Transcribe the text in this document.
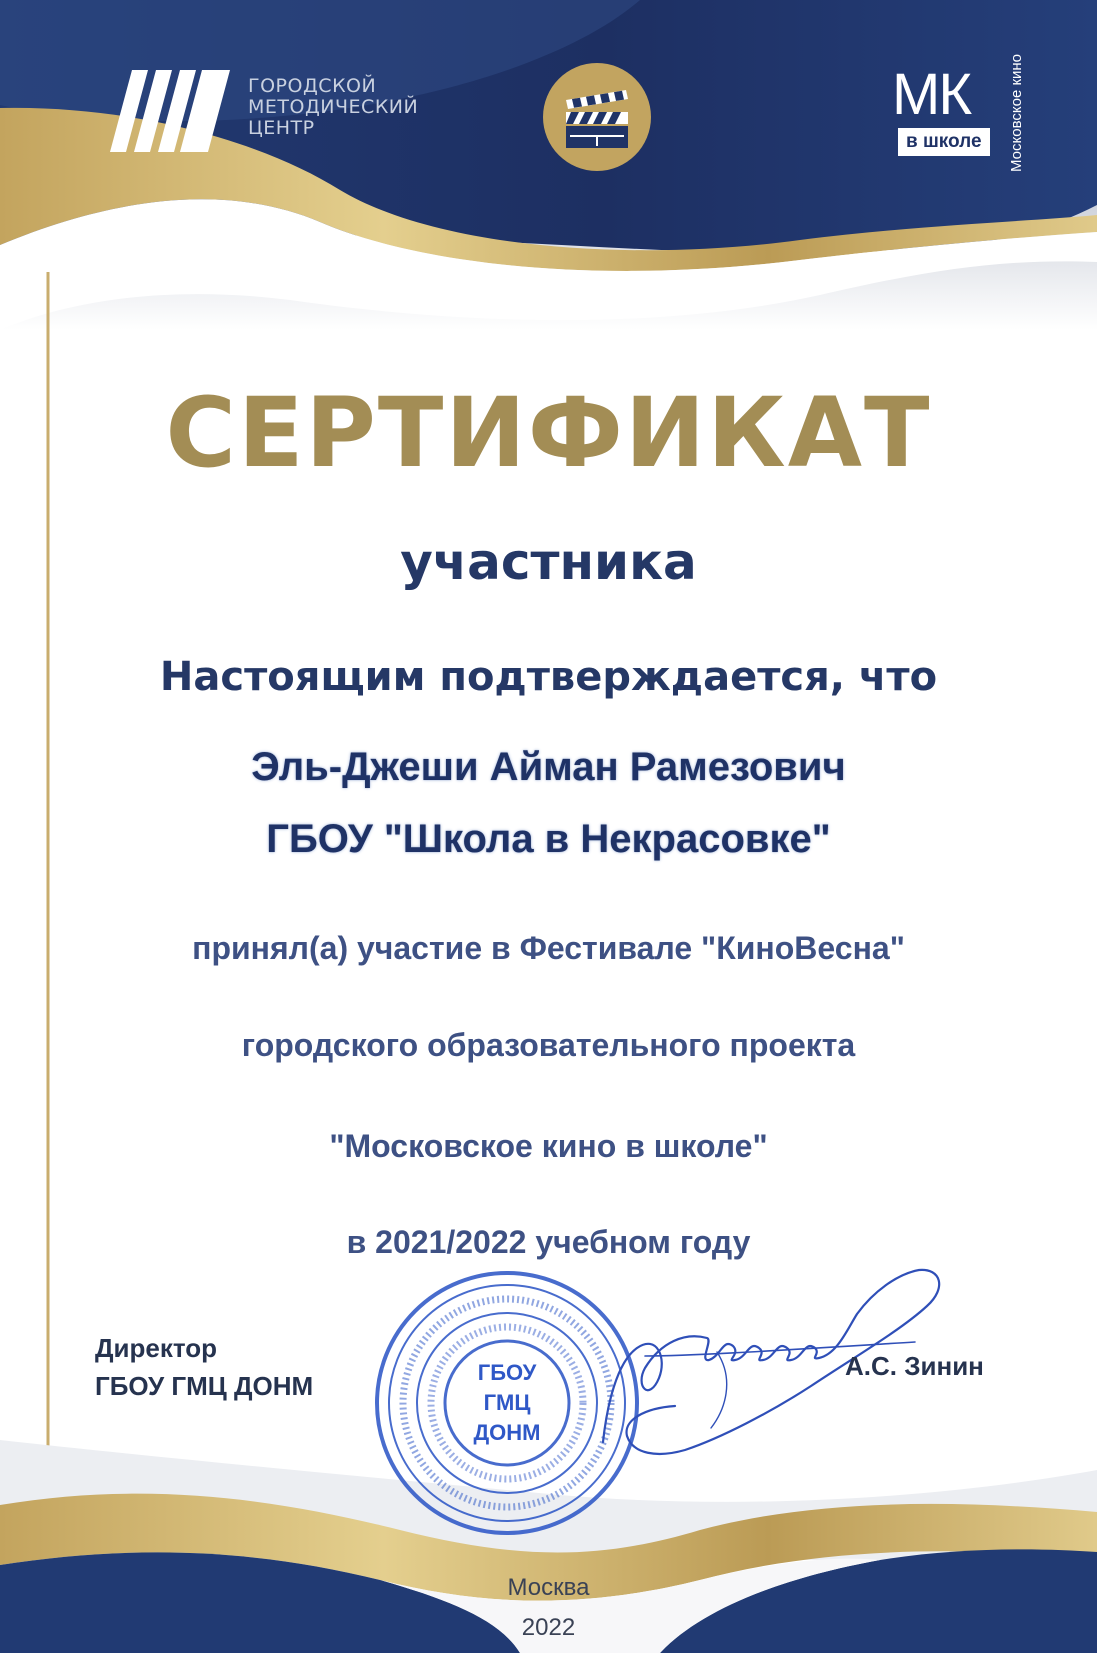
ГОРОДСКОЙ
МЕТОДИЧЕСКИЙ
ЦЕНТР
МК
в школе	Московское кино
СЕРТИФИКАТ
участника
Настоящим подтверждается, что
Эль-Джеши Айман Рамезович
ГБОУ "Школа в Некрасовке"
принял(а) участие в Фестивале "КиноВесна"
городского образовательного проекта
"Московское кино в школе"
в 2021/2022 учебном году
Директор
ГБОУ ГМЦ ДОНМ	ГБОУ
ГМЦ
ДОНМ
А.С. Зинин
Москва
2022
